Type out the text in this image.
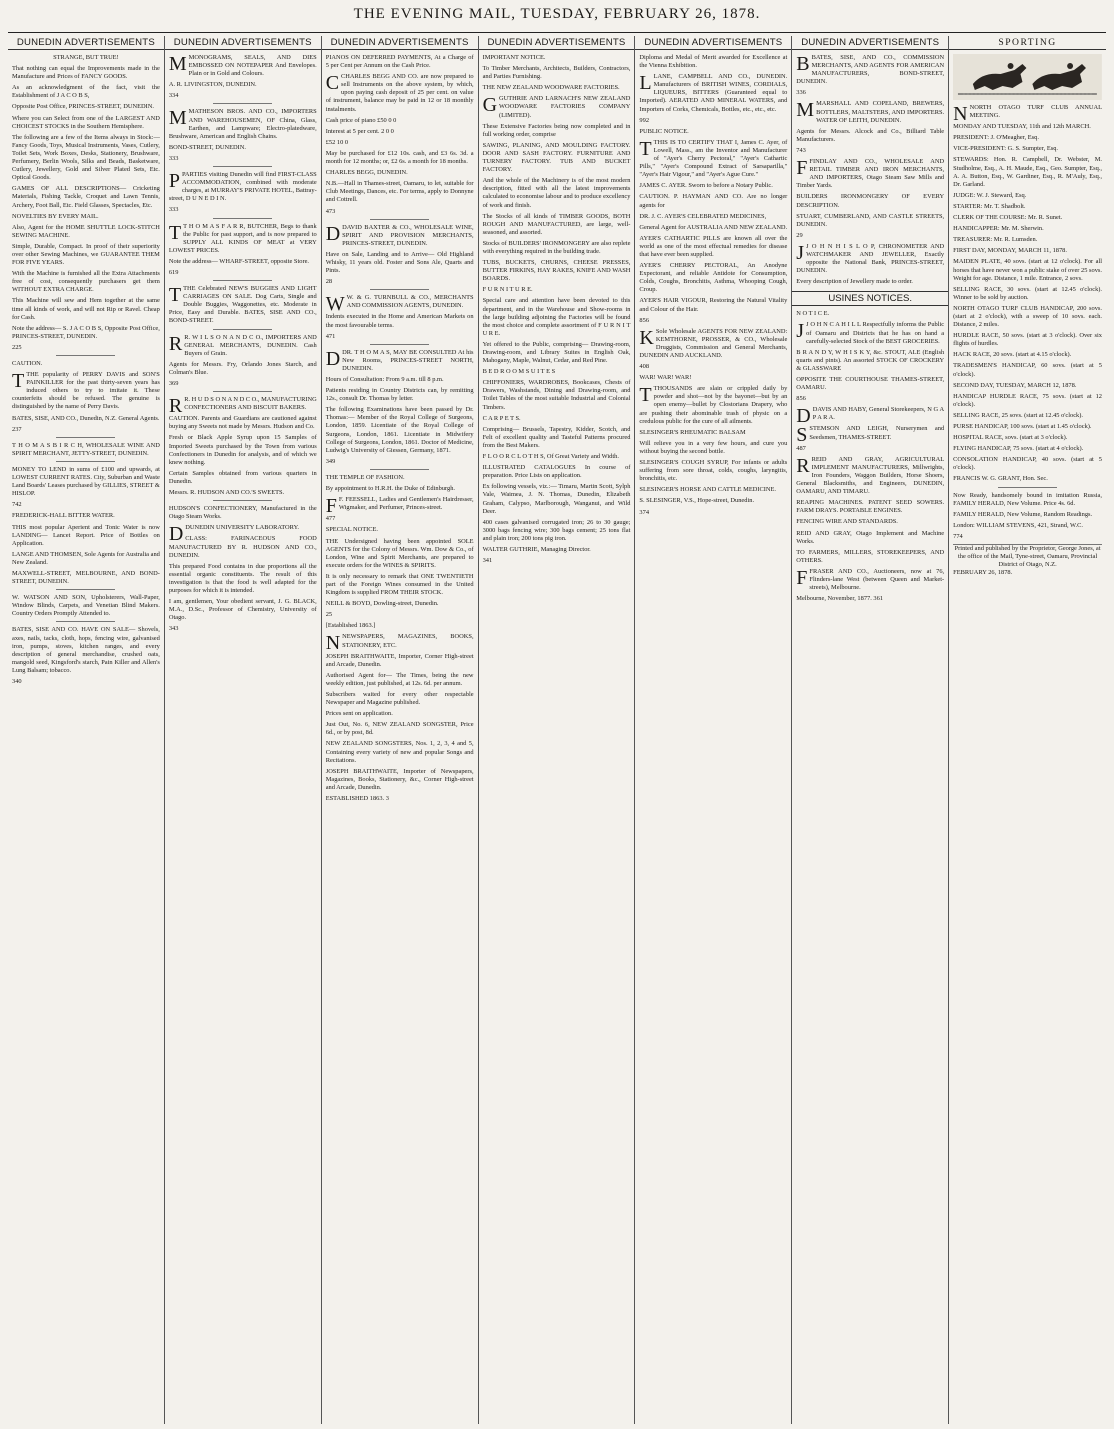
THE EVENING MAIL, TUESDAY, FEBRUARY 26, 1878.
DUNEDIN ADVERTISEMENTS
STRANGE, BUT TRUE!
That nothing can equal the Improvements made in the Manufacture and Prices of FANCY GOODS.
As an acknowledgment of the fact, visit the Establishment of J A C O B S,
Opposite Post Office, PRINCES-STREET, DUNEDIN.
Where you can Select from one of the LARGEST AND CHOICEST STOCKS in the Southern Hemisphere.
The following are a few of the Items always in Stock:— Fancy Goods, Toys, Musical Instruments, Vases, Cutlery, Toilet Sets, Work Boxes, Desks, Stationery, Brushware, Perfumery, Berlin Wools, Silks and Beads, Basketware, Cutlery, Jewellery, Gold and Silver Plated Sets, Etc. Optical Goods.
GAMES OF ALL DESCRIPTIONS— Cricketing Materials, Fishing Tackle, Croquet and Lawn Tennis, Archery, Foot Ball, Etc. Field Glasses, Spectacles, Etc.
NOVELTIES BY EVERY MAIL.
Also, Agent for the HOME SHUTTLE LOCK-STITCH SEWING MACHINE.
Simple, Durable, Compact. In proof of their superiority over other Sewing Machines, we GUARANTEE THEM FOR FIVE YEARS.
With the Machine is furnished all the Extra Attachments free of cost, consequently purchasers get them WITHOUT EXTRA CHARGE.
This Machine will sew and Hem together at the same time all kinds of work, and will not Rip or Ravel. Cheap for Cash.
Note the address— S. J A C O B S, Opposite Post Office, PRINCES-STREET, DUNEDIN.
225
CAUTION.
TTHE popularity of PERRY DAVIS and SON'S PAINKILLER for the past thirty-seven years has induced others to try to imitate it. These counterfeits should be refused. The genuine is distinguished by the name of Perry Davis.
BATES, SISE, AND CO., Dunedin, N.Z. General Agents.
237
T H O M A S B I R C H, WHOLESALE WINE AND SPIRIT MERCHANT, JETTY-STREET, DUNEDIN.
MONEY TO LEND in sums of £100 and upwards, at LOWEST CURRENT RATES. City, Suburban and Waste Land Boards' Leases purchased by GILLIES, STREET & HISLOP.
742
FREDERICK-HALL BITTER WATER.
THIS most popular Aperient and Tonic Water is now LANDING— Lancet Report. Price of Bottles on Application.
LANGE AND THOMSEN, Sole Agents for Australia and New Zealand.
MAXWELL-STREET, MELBOURNE, AND BOND-STREET, DUNEDIN.
W. WATSON AND SON, Upholsterers, Wall-Paper, Window Blinds, Carpets, and Venetian Blind Makers. Country Orders Promptly Attended to.
BATES, SISE AND CO. HAVE ON SALE— Shovels, axes, nails, tacks, cloth, hops, fencing wire, galvanised iron, pumps, stoves, kitchen ranges, and every description of general merchandise, crushed oats, mangold seed, Kingsford's starch, Pain Killer and Allen's Lung Balsam; tobacco.
340
DUNEDIN ADVERTISEMENTS
MMONOGRAMS, SEALS, AND DIES EMBOSSED ON NOTEPAPER And Envelopes. Plain or in Gold and Colours.
A. R. LIVINGSTON, DUNEDIN.
334
MMATHESON BROS. AND CO., IMPORTERS AND WAREHOUSEMEN, OF China, Glass, Earthen, and Lampware; Electro-platedware, Brushware, American and English Chains.
BOND-STREET, DUNEDIN.
333
PPARTIES visiting Dunedin will find FIRST-CLASS ACCOMMODATION, combined with moderate charges, at MURRAY'S PRIVATE HOTEL, Battray-street, D U N E D I N.
333
T T H O M A S F A R R, BUTCHER, Begs to thank the Public for past support, and is now prepared to SUPPLY ALL KINDS OF MEAT at VERY LOWEST PRICES.
Note the address— WHARF-STREET, opposite Store.
619
TTHE Celebrated NEW'S BUGGIES AND LIGHT CARRIAGES ON SALE. Dog Carts, Single and Double Buggies, Waggonettes, etc. Moderate in Price, Easy and Durable. BATES, SISE AND CO., BOND-STREET.
R R. W I L S O N A N D C O., IMPORTERS AND GENERAL MERCHANTS, DUNEDIN. Cash Buyers of Grain.
Agents for Messrs. Fry, Orlando Jones Starch, and Colman's Blue.
369
R R. H U D S O N A N D C O., MANUFACTURING CONFECTIONERS AND BISCUIT BAKERS.
CAUTION. Parents and Guardians are cautioned against buying any Sweets not made by Messrs. Hudson and Co.
Fresh or Black Apple Syrup upon 15 Samples of Imported Sweets purchased by the Town from various Confectioners in Dunedin for analysis, and of which we knew nothing.
Certain Samples obtained from various quarters in Dunedin.
Messrs. R. HUDSON AND CO.'S SWEETS.
HUDSON'S CONFECTIONERY, Manufactured in the Otago Steam Works.
DDUNEDIN UNIVERSITY LABORATORY.
CLASS: FARINACEOUS FOOD MANUFACTURED BY R. HUDSON AND CO., DUNEDIN.
This prepared Food contains in due proportions all the essential organic constituents. The result of this investigation is that the food is well adapted for the purposes for which it is intended.
I am, gentlemen, Your obedient servant, J. G. BLACK, M.A., D.Sc., Professor of Chemistry, University of Otago.
343
DUNEDIN ADVERTISEMENTS
PIANOS ON DEFERRED PAYMENTS, At a Charge of 5 per Cent per Annum on the Cash Price.
CCHARLES BEGG AND CO. are now prepared to sell Instruments on the above system, by which, upon paying cash deposit of 25 per cent. on value of instrument, balance may be paid in 12 or 18 monthly instalments.
Cash price of piano £50 0 0
Interest at 5 per cent. 2 0 0
£52 10 0
May be purchased for £12 10s. cash, and £3 6s. 3d. a month for 12 months; or, £2 6s. a month for 18 months.
CHARLES BEGG, DUNEDIN.
N.B.—Hall in Thames-street, Oamaru, to let, suitable for Club Meetings, Dances, etc. For terms, apply to Donnyne and Cottrell.
473
DDAVID BAXTER & CO., WHOLESALE WINE, SPIRIT AND PROVISION MERCHANTS, PRINCES-STREET, DUNEDIN.
Have on Sale, Landing and to Arrive— Old Highland Whisky, 11 years old. Foster and Sons Ale, Quarts and Pints.
28
W W. & G. TURNBULL & CO., MERCHANTS AND COMMISSION AGENTS, DUNEDIN.
Indents executed in the Home and American Markets on the most favourable terms.
471
DDR. T H O M A S, MAY BE CONSULTED At his New Rooms, PRINCES-STREET NORTH, DUNEDIN.
Hours of Consultation: From 9 a.m. till 8 p.m.
Patients residing in Country Districts can, by remitting 12s., consult Dr. Thomas by letter.
The following Examinations have been passed by Dr. Thomas:— Member of the Royal College of Surgeons, London, 1859. Licentiate of the Royal College of Surgeons, London, 1861. Licentiate in Midwifery College of Surgeons, London, 1861. Doctor of Medicine, Ludwig's University of Giessen, Germany, 1871.
349
THE TEMPLE OF FASHION.
By appointment to H.R.H. the Duke of Edinburgh.
F F. FEESSELL, Ladies and Gentlemen's Hairdresser, Wigmaker, and Perfumer, Princes-street.
477
SPECIAL NOTICE.
THE Undersigned having been appointed SOLE AGENTS for the Colony of Messrs. Wm. Dow & Co., of London, Wine and Spirit Merchants, are prepared to execute orders for the WINES & SPIRITS.
It is only necessary to remark that ONE TWENTIETH part of the Foreign Wines consumed in the United Kingdom is supplied FROM THEIR STOCK.
NEILL & BOYD, Dowling-street, Dunedin.
25
[Established 1863.]
NNEWSPAPERS, MAGAZINES, BOOKS, STATIONERY, ETC.
JOSEPH BRAITHWAITE, Importer, Corner High-street and Arcade, Dunedin.
Authorised Agent for— The Times, being the new weekly edition, just published, at 12s. 6d. per annum.
Subscribers waited for every other respectable Newspaper and Magazine published.
Prices sent on application.
Just Out, No. 6, NEW ZEALAND SONGSTER, Price 6d., or by post, 8d.
NEW ZEALAND SONGSTERS, Nos. 1, 2, 3, 4 and 5, Containing every variety of new and popular Songs and Recitations.
JOSEPH BRAITHWAITE, Importer of Newspapers, Magazines, Books, Stationery, &c., Corner High-street and Arcade, Dunedin.
ESTABLISHED 1863. 3
DUNEDIN ADVERTISEMENTS
IMPORTANT NOTICE.
To Timber Merchants, Architects, Builders, Contractors, and Parties Furnishing.
THE NEW ZEALAND WOODWARE FACTORIES.
GGUTHRIE AND LARNACH'S NEW ZEALAND WOODWARE FACTORIES COMPANY (LIMITED).
These Extensive Factories being now completed and in full working order, comprise
SAWING, PLANING, AND MOULDING FACTORY. DOOR AND SASH FACTORY. FURNITURE AND TURNERY FACTORY. TUB AND BUCKET FACTORY.
And the whole of the Machinery is of the most modern description, fitted with all the latest improvements calculated to economise labour and to produce excellency of work and finish.
The Stocks of all kinds of TIMBER GOODS, BOTH ROUGH AND MANUFACTURED, are large, well-seasoned, and assorted.
Stocks of BUILDERS' IRONMONGERY are also replete with everything required in the building trade.
TUBS, BUCKETS, CHURNS, CHEESE PRESSES, BUTTER FIRKINS, HAY RAKES, KNIFE AND WASH BOARDS.
F U R N I T U R E.
Special care and attention have been devoted to this department, and in the Warehouse and Show-rooms in the large building adjoining the Factories will be found the most choice and complete assortment of F U R N I T U R E.
Yet offered to the Public, comprising— Drawing-room, Drawing-room, and Library Suites in English Oak, Mahogany, Maple, Walnut, Cedar, and Red Pine.
B E D R O O M S U I T E S
CHIFFONIERS, WARDROBES, Bookcases, Chests of Drawers, Washstands, Dining and Drawing-room, and Toilet Tables of the most suitable Industrial and Colonial Timbers.
C A R P E T S.
Comprising— Brussels, Tapestry, Kidder, Scotch, and Felt of excellent quality and Tasteful Patterns procured from the Best Makers.
F L O O R C L O T H S, Of Great Variety and Width.
ILLUSTRATED CATALOGUES In course of preparation. Price Lists on application.
Ex following vessels, viz.:— Timaru, Martin Scott, Sylph Vale, Waimea, J. N. Thomas, Dunedin, Elizabeth Graham, Calypso, Marlborough, Wanganui, and Wild Deer.
400 cases galvanised corrugated iron; 26 to 30 gauge; 3000 bags fencing wire; 300 bags cement; 25 tons flat and plain iron; 200 tons pig iron.
WALTER GUTHRIE, Managing Director.
341
DUNEDIN ADVERTISEMENTS
Diploma and Medal of Merit awarded for Excellence at the Vienna Exhibition.
LLANE, CAMPBELL AND CO., DUNEDIN. Manufacturers of BRITISH WINES, CORDIALS, LIQUEURS, BITTERS (Guaranteed equal to Imported). AERATED AND MINERAL WATERS, and Importers of Corks, Chemicals, Bottles, etc., etc., etc.
992
PUBLIC NOTICE.
TTHIS IS TO CERTIFY THAT I, James C. Ayer, of Lowell, Mass., am the Inventor and Manufacturer of "Ayer's Cherry Pectoral," "Ayer's Cathartic Pills," "Ayer's Compound Extract of Sarsaparilla," "Ayer's Hair Vigour," and "Ayer's Ague Cure."
JAMES C. AYER. Sworn to before a Notary Public.
CAUTION. P. HAYMAN AND CO. Are no longer agents for
DR. J. C. AYER'S CELEBRATED MEDICINES,
General Agent for AUSTRALIA AND NEW ZEALAND.
AYER'S CATHARTIC PILLS are known all over the world as one of the most effectual remedies for disease that have ever been supplied.
AYER'S CHERRY PECTORAL, An Anodyne Expectorant, and reliable Antidote for Consumption, Colds, Coughs, Bronchitis, Asthma, Whooping Cough, Croup.
AYER'S HAIR VIGOUR, Restoring the Natural Vitality and Colour of the Hair.
856
K Sole Wholesale AGENTS FOR NEW ZEALAND: KEMTHORNE, PROSSER, & CO., Wholesale Druggists, Commission and General Merchants, DUNEDIN AND AUCKLAND.
408
WAR! WAR! WAR!
TTHOUSANDS are slain or crippled daily by powder and shot—not by the bayonet—but by an open enemy—bullet by Clostorians Drapery, who are pushing their abominable trash of physic on a credulous public for the cure of all ailments.
SLESINGER'S RHEUMATIC BALSAM
Will relieve you in a very few hours, and cure you without buying the second bottle.
SLESINGER'S COUGH SYRUP, For infants or adults suffering from sore throat, colds, coughs, laryngitis, bronchitis, etc.
SLESINGER'S HORSE AND CATTLE MEDICINE.
S. SLESINGER, V.S., Hope-street, Dunedin.
374
DUNEDIN ADVERTISEMENTS
BBATES, SISE, AND CO., COMMISSION MERCHANTS, AND AGENTS FOR AMERICAN MANUFACTURERS, BOND-STREET, DUNEDIN.
336
MMARSHALL AND COPELAND, BREWERS, BOTTLERS, MALTSTERS, AND IMPORTERS. WATER OF LEITH, DUNEDIN.
Agents for Messrs. Alcock and Co., Billiard Table Manufacturers.
743
FFINDLAY AND CO., WHOLESALE AND RETAIL TIMBER AND IRON MERCHANTS, AND IMPORTERS, Otago Steam Saw Mills and Timber Yards.
BUILDERS IRONMONGERY OF EVERY DESCRIPTION.
STUART, CUMBERLAND, AND CASTLE STREETS, DUNEDIN.
29
J J O H N H I S L O P, CHRONOMETER AND WATCHMAKER AND JEWELLER, Exactly opposite the National Bank, PRINCES-STREET, DUNEDIN.
Every description of Jewellery made to order.
USINES NOTICES.
N O T I C E.
J J O H N C A H I L L Respectfully informs the Public of Oamaru and Districts that he has on hand a carefully-selected Stock of the BEST GROCERIES.
B R A N D Y, W H I S K Y, &c. STOUT, ALE (English quarts and pints). An assorted STOCK OF CROCKERY & GLASSWARE
OPPOSITE THE COURTHOUSE THAMES-STREET, OAMARU.
856
DDAVIS AND HABY, General Storekeepers, N G A P A R A.
SSTEMSON AND LEIGH, Nurserymen and Seedsmen, THAMES-STREET.
487
RREID AND GRAY, AGRICULTURAL IMPLEMENT MANUFACTURERS, Millwrights, Iron Founders, Waggon Builders, Horse Shoers, General Blacksmiths, and Engineers, DUNEDIN, OAMARU, AND TIMARU.
REAPING MACHINES. PATENT SEED SOWERS. FARM DRAYS. PORTABLE ENGINES.
FENCING WIRE AND STANDARDS.
REID AND GRAY, Otago Implement and Machine Works.
TO FARMERS, MILLERS, STOREKEEPERS, AND OTHERS.
FFRASER AND CO., Auctioneers, now at 76, Flinders-lane West (between Queen and Market-streets), Melbourne.
Melbourne, November, 1877. 361
SPORTING
NNORTH OTAGO TURF CLUB ANNUAL MEETING.
MONDAY AND TUESDAY, 11th and 12th MARCH.
PRESIDENT: J. O'Meagher, Esq.
VICE-PRESIDENT: G. S. Sumpter, Esq.
STEWARDS: Hon. R. Campbell, Dr. Webster, M. Studholme, Esq., A. H. Maude, Esq., Geo. Sumpter, Esq., A. A. Button, Esq., W. Gardiner, Esq., R. M'Auly, Esq., Dr. Garland.
JUDGE: W. J. Steward, Esq.
STARTER: Mr. T. Shadbolt.
CLERK OF THE COURSE: Mr. R. Sunet.
HANDICAPPER: Mr. M. Sherwin.
TREASURER: Mr. R. Lumsden.
FIRST DAY, MONDAY, MARCH 11, 1878.
MAIDEN PLATE, 40 sovs. (start at 12 o'clock). For all horses that have never won a public stake of over 25 sovs. Weight for age. Distance, 1 mile. Entrance, 2 sovs.
SELLING RACE, 30 sovs. (start at 12.45 o'clock). Winner to be sold by auction.
NORTH OTAGO TURF CLUB HANDICAP, 200 sovs. (start at 2 o'clock), with a sweep of 10 sovs. each. Distance, 2 miles.
HURDLE RACE, 50 sovs. (start at 3 o'clock). Over six flights of hurdles.
HACK RACE, 20 sovs. (start at 4.15 o'clock).
TRADESMEN'S HANDICAP, 60 sovs. (start at 5 o'clock).
SECOND DAY, TUESDAY, MARCH 12, 1878.
HANDICAP HURDLE RACE, 75 sovs. (start at 12 o'clock).
SELLING RACE, 25 sovs. (start at 12.45 o'clock).
PURSE HANDICAP, 100 sovs. (start at 1.45 o'clock).
HOSPITAL RACE, sovs. (start at 3 o'clock).
FLYING HANDICAP, 75 sovs. (start at 4 o'clock).
CONSOLATION HANDICAP, 40 sovs. (start at 5 o'clock).
FRANCIS W. G. GRANT, Hon. Sec.
Now Ready, handsomely bound in imitation Russia, FAMILY HERALD, New Volume. Price 4s. 6d.
FAMILY HERALD, New Volume, Random Readings.
London: WILLIAM STEVENS, 421, Strand, W.C.
774
Printed and published by the Proprietor, George Jones, at the office of the Mail, Tyne-street, Oamaru, Provincial District of Otago, N.Z.
FEBRUARY 26, 1878.
